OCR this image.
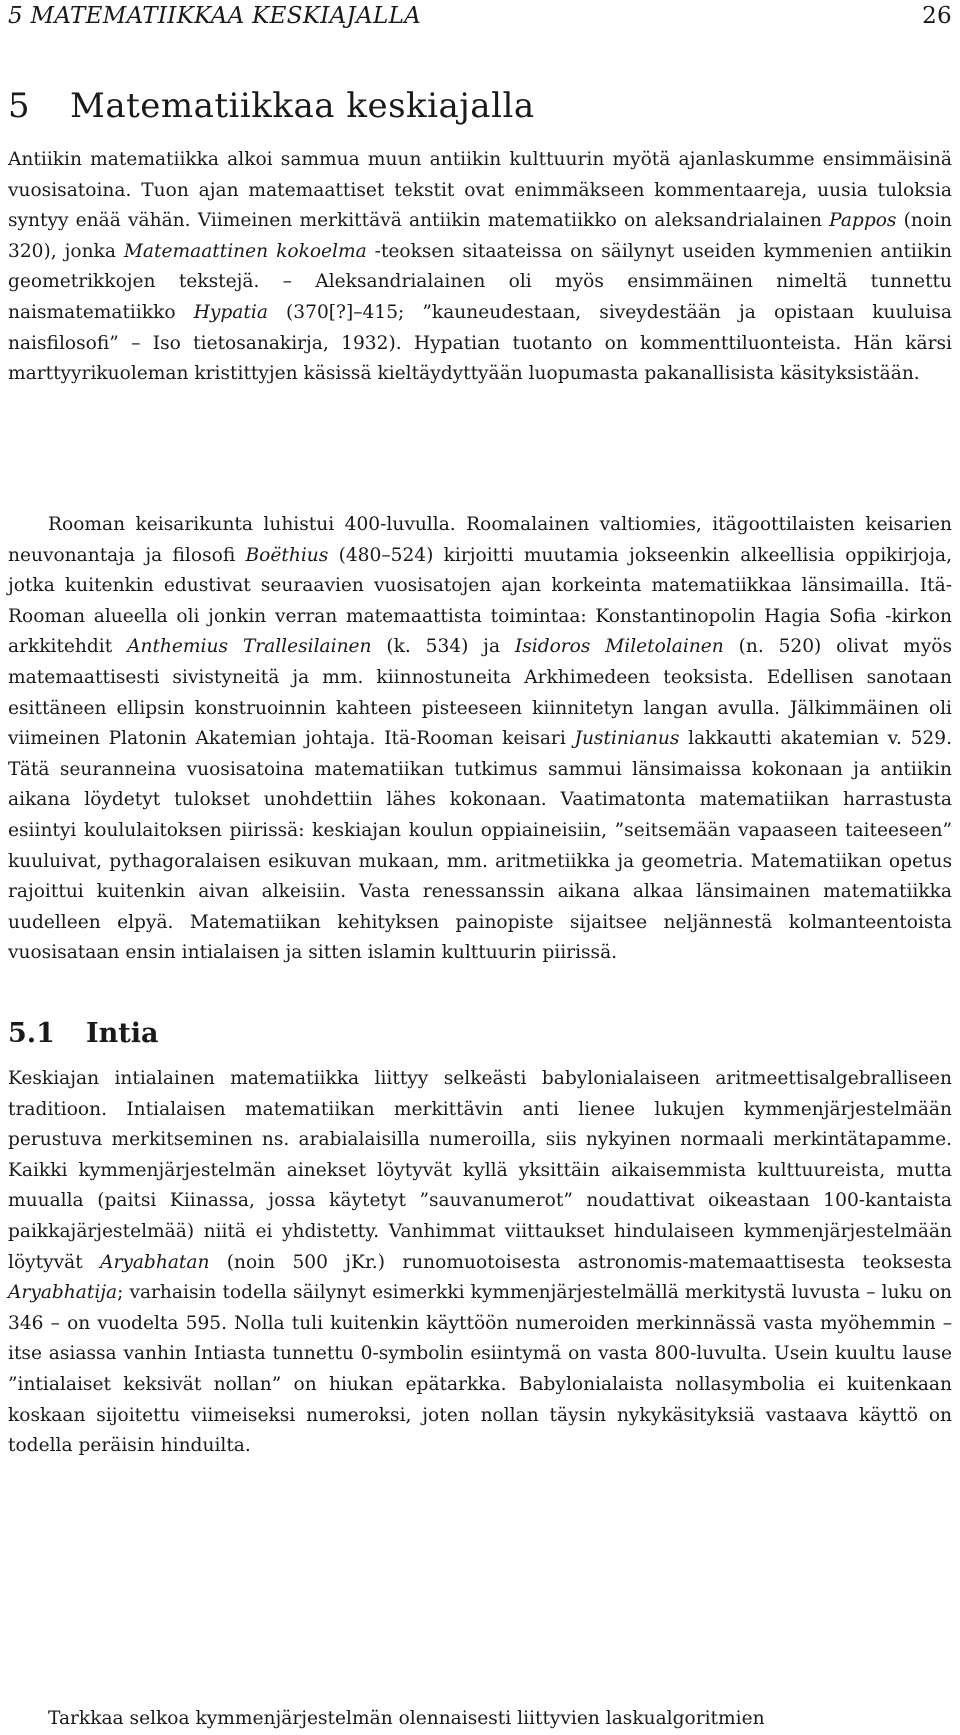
5 MATEMATIIKKAA KESKIAJALLA	26
5 Matematiikkaa keskiajalla

Antiikin matematiikka alkoi sammua muun antiikin kulttuurin myötä ajanlaskumme ensimmäisinä vuosisatoina. Tuon ajan matemaattiset tekstit ovat enimmäkseen kommentaareja, uusia tuloksia syntyy enää vähän. Viimeinen merkittävä antiikin matematiikko on aleksandrialainen Pappos (noin 320), jonka Matemaattinen kokoelma -teoksen sitaateissa on säilynyt useiden kymmenien antiikin geometrikkojen tekstejä. – Aleksandrialainen oli myös ensimmäinen nimeltä tunnettu naismatematiikko Hypatia (370[?]–415; ”kauneudestaan, siveydestään ja opistaan kuuluisa naisfilosofi” – Iso tietosanakirja, 1932). Hypatian tuotanto on kommenttiluonteista. Hän kärsi marttyyrikuoleman kristittyjen käsissä kieltäydyttyään luopumasta pakanallisista käsityksistään.

Rooman keisarikunta luhistui 400-luvulla. Roomalainen valtiomies, itägoottilaisten keisarien neuvonantaja ja filosofi Boëthius (480–524) kirjoitti muutamia jokseenkin alkeellisia oppikirjoja, jotka kuitenkin edustivat seuraavien vuosisatojen ajan korkeinta matematiikkaa länsimailla. Itä-Rooman alueella oli jonkin verran matemaattista toimintaa: Konstantinopolin Hagia Sofia -kirkon arkkitehdit Anthemius Trallesilainen (k. 534) ja Isidoros Miletolainen (n. 520) olivat myös matemaattisesti sivistyneitä ja mm. kiinnostuneita Arkhimedeen teoksista. Edellisen sanotaan esittäneen ellipsin konstruoinnin kahteen pisteeseen kiinnitetyn langan avulla. Jälkimmäinen oli viimeinen Platonin Akatemian johtaja. Itä-Rooman keisari Justinianus lakkautti akatemian v. 529. Tätä seuranneina vuosisatoina matematiikan tutkimus sammui länsimaissa kokonaan ja antiikin aikana löydetyt tulokset unohdettiin lähes kokonaan. Vaatimatonta matematiikan harrastusta esiintyi koululaitoksen piirissä: keskiajan koulun oppiaineisiin, ”seitsemään vapaaseen taiteeseen” kuuluivat, pythagoralaisen esikuvan mukaan, mm. aritmetiikka ja geometria. Matematiikan opetus rajoittui kuitenkin aivan alkeisiin. Vasta renessanssin aikana alkaa länsimainen matematiikka uudelleen elpyä. Matematiikan kehityksen painopiste sijaitsee neljännestä kolmanteentoista vuosisataan ensin intialaisen ja sitten islamin kulttuurin piirissä.

5.1 Intia

Keskiajan intialainen matematiikka liittyy selkeästi babylonialaiseen aritmeettisalgebralliseen traditioon. Intialaisen matematiikan merkittävin anti lienee lukujen kymmenjärjestelmään perustuva merkitseminen ns. arabialaisilla numeroilla, siis nykyinen normaali merkintätapamme. Kaikki kymmenjärjestelmän ainekset löytyvät kyllä yksittäin aikaisemmista kulttuureista, mutta muualla (paitsi Kiinassa, jossa käytetyt ”sauvanumerot” noudattivat oikeastaan 100-kantaista paikkajärjestelmää) niitä ei yhdistetty. Vanhimmat viittaukset hindulaiseen kymmenjärjestelmään löytyvät Aryabhatan (noin 500 jKr.) runomuotoisesta astronomis-matemaattisesta teoksesta Aryabhatija; varhaisin todella säilynyt esimerkki kymmenjärjestelmällä merkitystä luvusta – luku on 346 – on vuodelta 595. Nolla tuli kuitenkin käyttöön numeroiden merkinnässä vasta myöhemmin – itse asiassa vanhin Intiasta tunnettu 0-symbolin esiintymä on vasta 800-luvulta. Usein kuultu lause ”intialaiset keksivät nollan” on hiukan epätarkka. Babylonialaista nollasymbolia ei kuitenkaan koskaan sijoitettu viimeiseksi numeroksi, joten nollan täysin nykykäsityksiä vastaava käyttö on todella peräisin hinduilta.

Tarkkaa selkoa kymmenjärjestelmän olennaisesti liittyvien laskualgoritmien
